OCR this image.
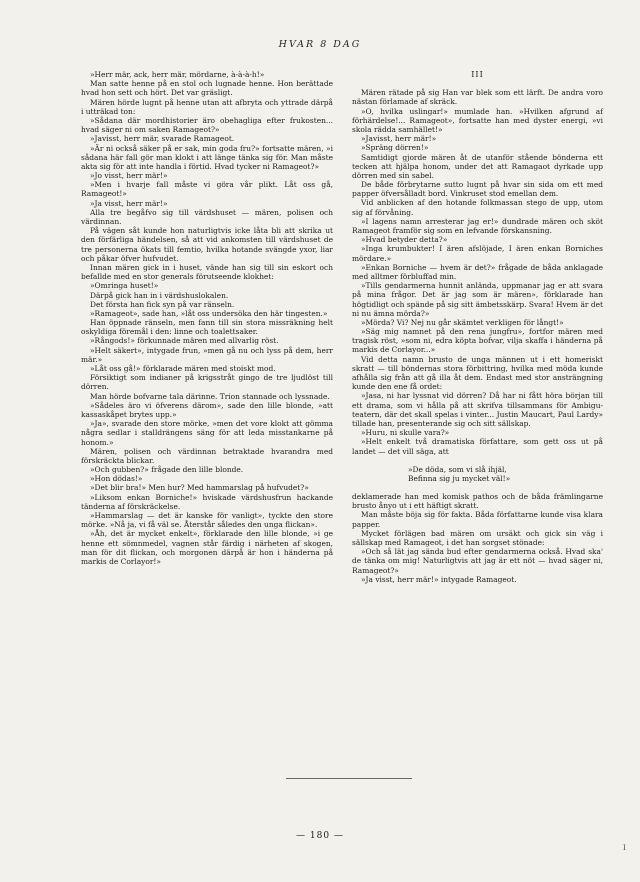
HVAR 8 DAG

»Herr mär, ack, herr mär, mördarne, à-à-à-h!»

Man satte henne på en stol och lugnade henne. Hon berättade hvad hon sett och hört. Det var gräsligt.

Mären hörde lugnt på henne utan att afbryta och yttrade därpå i utträkad ton:

»Sådana där mordhistorier äro obehagliga efter frukosten... hvad säger ni om saken Ramageot?»

»Javisst, herr mär, svarade Ramageot.

»Är ni också säker på er sak, min goda fru?» fortsatte mären, »i sådana här fall gör man klokt i att länge tänka sig för. Man måste akta sig för att inte handla i förtid. Hvad tycker ni Ramageot?»

»Jo visst, herr mär!»

»Men i hvarje fall måste vi göra vår plikt. Låt oss gå, Ramageot!»

»Ja visst, herr mär!»

Alla tre begåfvo sig till värdshuset — mären, polisen och värdinnan.

På vägen såt kunde hon naturligtvis icke låta bli att skrika ut den förfärliga händelsen, så att vid ankomsten till värdshuset de tre personerna ökats till femtio, hvilka hotande svängde yxor, liar och påkar öfver hufvudet.

Innan mären gick in i huset, vände han sig till sin eskort och befallde med en stor generals förutseende klokhet:

»Omringa huset!»

Därpå gick han in i värdshuslokalen.

Det första han fick syn på var ränseln.

»Ramageot», sade han, »låt oss undersöka den här tingesten.»

Han öppnade ränseln, men fann till sin stora missräkning helt oskyldiga föremål i den: linne och toalettsaker.

»Rångods!» förkunnade mären med allvarlig röst.

»Helt säkert», intygade frun, »men gå nu och lyss på dem, herr mär.»

»Låt oss gå!» förklarade mären med stoiskt mod.

Försiktigt som indianer på krigsstråt gingo de tre ljudlöst till dörren.

Man hörde bofvarne tala därinne. Trion stannade och lyssnade.

»Sådeles äro vi öfverens därom», sade den lille blonde, »att kassaskåpet brytes upp.»

»Ja», svarade den store mörke, »men det vore klokt att gömma några sedlar i stalldrängens säng för att leda misstankarne på honom.»

Mären, polisen och värdinnan betraktade hvarandra med förskräckta blickar.

»Och gubben?» frågade den lille blonde.

»Hon dödas!»

»Det blir bra!» Men hur? Med hammarslag på hufvudet?»

»Liksom enkan Borniche!» hviskade värdshusfrun hackande tänderna af förskräckelse.

»Hammarslag — det är kanske för vanligt», tyckte den store mörke. »Nå ja, vi få väl se. Återstår således den unga flickan».

»Åh, det är mycket enkelt», förklarade den lille blonde, »i ge henne ett sömnmedel, vagnen står färdig i närheten af skogen, man för dit flickan, och morgonen därpå är hon i händerna på markis de Corlayor!»

III

Mären rätade på sig Han var blek som ett lärft. De andra voro nästan förlamade af skräck.

»O, hvilka uslingar!» mumlade han. »Hvilken afgrund af förhärdelse!... Ramageot», fortsatte han med dyster energi, »vi skola rädda samhället!»

»Javisst, herr mär!»

»Spräng dörren!»

Samtidigt gjorde mären åt de utanför stående bönderna ett tecken att hjälpa honom, under det att Ramagaot dyrkade upp dörren med sin sabel.

De både förbrytarne sutto lugnt på hvar sin sida om ett med papper öfversålladt bord. Vinkruset stod emellan dem.

Vid anblicken af den hotande folkmassan stego de upp, utom sig af förvåning.

»I lagens namn arresterar jag er!» dundrade mären och sköt Ramageot framför sig som en lefvande förskansning.

»Hvad betyder detta?»

»Inga krumbukter! I ären afslöjade, I ären enkan Borniches mördare.»

»Enkan Borniche — hvem är det?» frågade de båda anklagade med alltmer förbluffad min.

»Tills gendarmerna hunnit anlända, uppmanar jag er att svara på mina frågor. Det är jag som är mären», förklarade han högtidligt och spände på sig sitt ämbetsskärp. Svara! Hvem är det ni nu ämna mörda?»

»Mörda? Vi? Nej nu går skämtet verkligen för långt!»

»Säg mig namnet på den rena jungfru», fortfor mären med tragisk röst, »som ni, edra köpta bofvar, vilja skaffa i händerna på markis de Corlayor...»

Vid detta namn brusto de unga männen ut i ett homeriskt skratt — till böndernas stora förbittring, hvilka med möda kunde afhålla sig från att gå illa åt dem. Endast med stor ansträngning kunde den ene få ordet:

»Jasa, ni har lyssnat vid dörren? Då har ni fått höra början till ett drama, som vi hålla på att skrifva tillsammans för Ambigu-teatern, där det skall spelas i vinter... Justin Maucart, Paul Lardy» tillade han, presenterande sig och sitt sällskap.

»Huru, ni skulle vara?»

»Helt enkelt två dramatiska författare, som gett oss ut på landet — det vill säga, att

»De döda, som vi slå ihjäl,
Befinna sig ju mycket väl!»

deklamerade han med komisk pathos och de båda främlingarne brusto ånyo ut i ett häftigt skratt.

Man måste böja sig för fakta. Båda författarne kunde visa klara papper.

Mycket förlägen bad mären om ursäkt och gick sin väg i sällskap med Ramageot, i det han sorgset stönade:

»Och så lät jag sända bud efter gendarmerna också. Hvad ska' de tänka om mig! Naturligtvis att jag är ett nöt — hvad säger ni, Ramageot?»

»Ja visst, herr mär!» intygade Ramageot.

— 180 —
I
